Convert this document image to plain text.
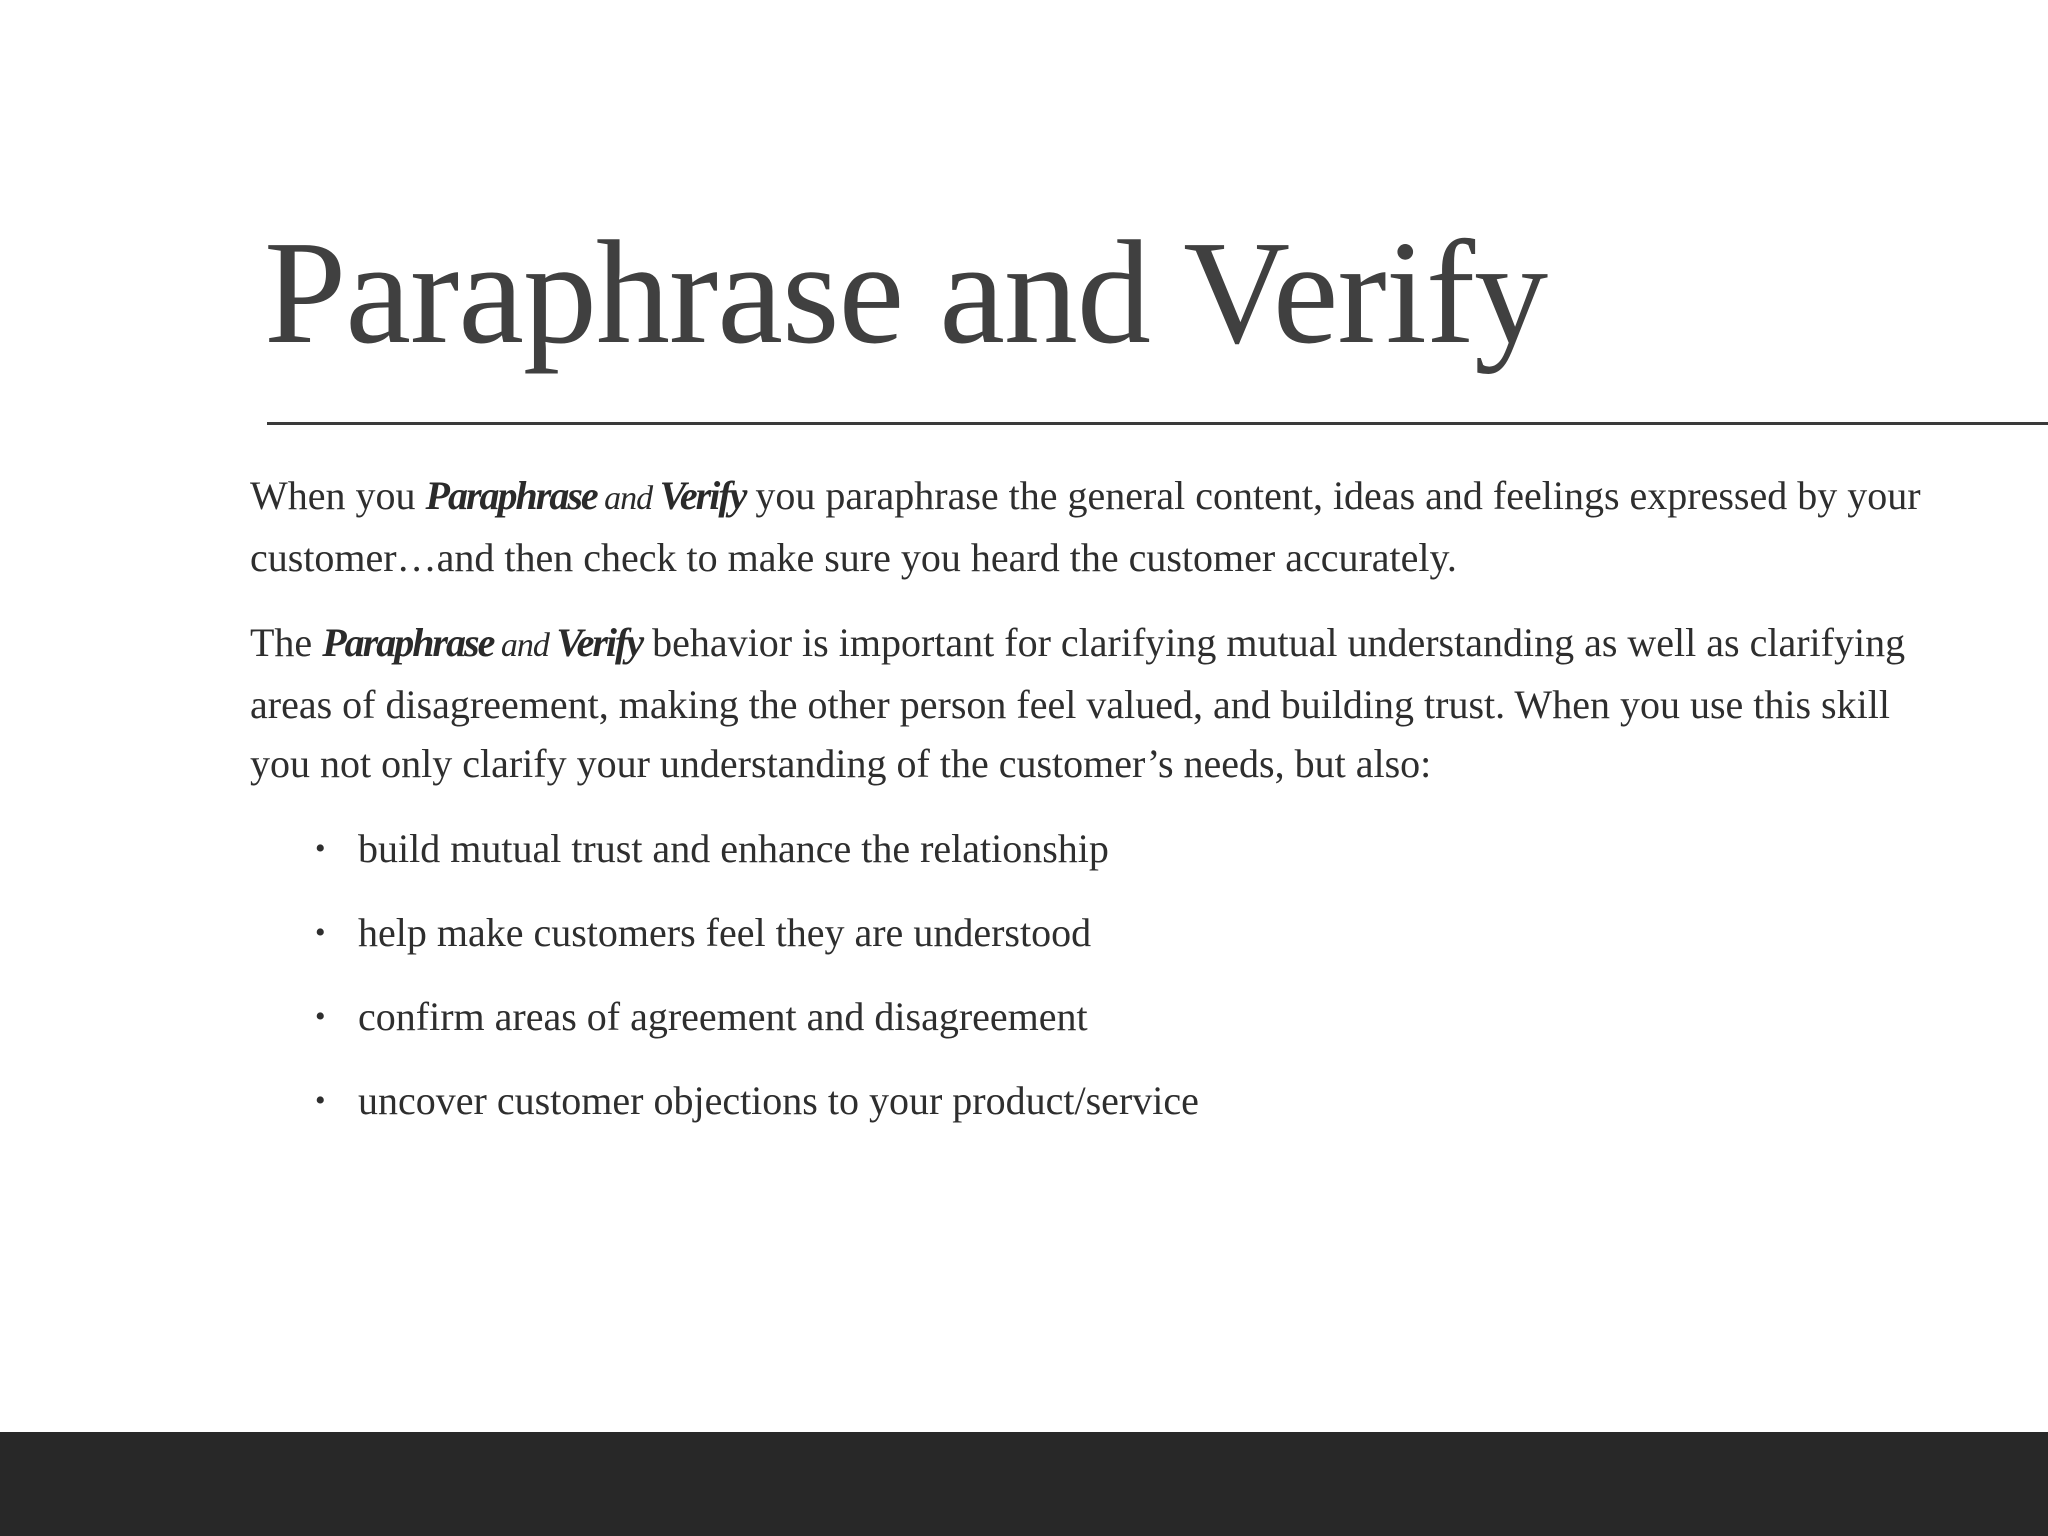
Paraphrase and Verify

When you Paraphrase and Verify you paraphrase the general content, ideas and feelings expressed by your customer…and then check to make sure you heard the customer accurately.

The Paraphrase and Verify behavior is important for clarifying mutual understanding as well as clarifying areas of disagreement, making the other person feel valued, and building trust. When you use this skill you not only clarify your understanding of the customer’s needs, but also:

• build mutual trust and enhance the relationship
• help make customers feel they are understood
• confirm areas of agreement and disagreement
• uncover customer objections to your product/service
